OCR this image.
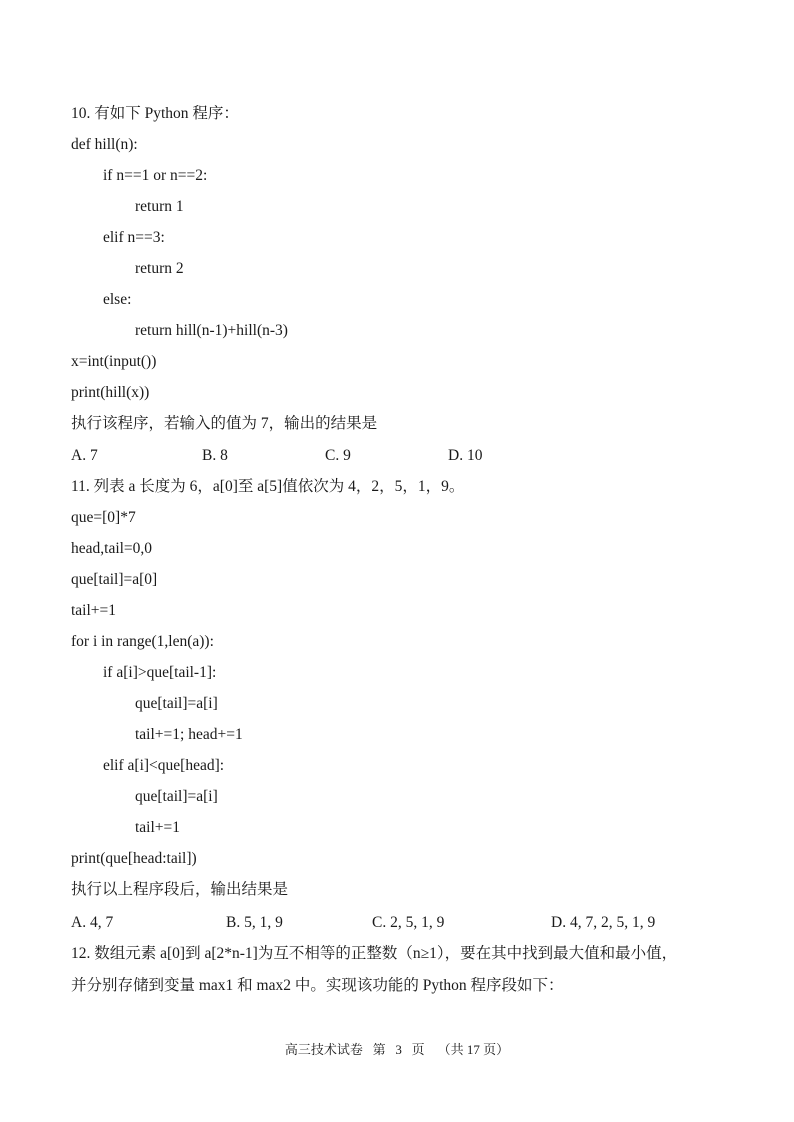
10. 有如下 Python 程序：
def hill(n):
if n==1 or n==2:
return 1
elif n==3:
return 2
else:
return hill(n-1)+hill(n-3)
x=int(input())
print(hill(x))
执行该程序，若输入的值为 7，输出的结果是
A. 7	B. 8	C. 9	D. 10
11. 列表 a 长度为 6，a[0]至 a[5]值依次为 4，2，5，1，9。
que=[0]*7
head,tail=0,0
que[tail]=a[0]
tail+=1
for i in range(1,len(a)):
if a[i]>que[tail-1]:
que[tail]=a[i]
tail+=1; head+=1
elif a[i]<que[head]:
que[tail]=a[i]
tail+=1
print(que[head:tail])
执行以上程序段后，输出结果是
A. 4, 7	B. 5, 1, 9	C. 2, 5, 1, 9	D. 4, 7, 2, 5, 1, 9
12. 数组元素 a[0]到 a[2*n-1]为互不相等的正整数（n≥1），要在其中找到最大值和最小值，
并分别存储到变量 max1 和 max2 中。实现该功能的 Python 程序段如下：
高三技术试卷   第   3   页    （共 17 页）
